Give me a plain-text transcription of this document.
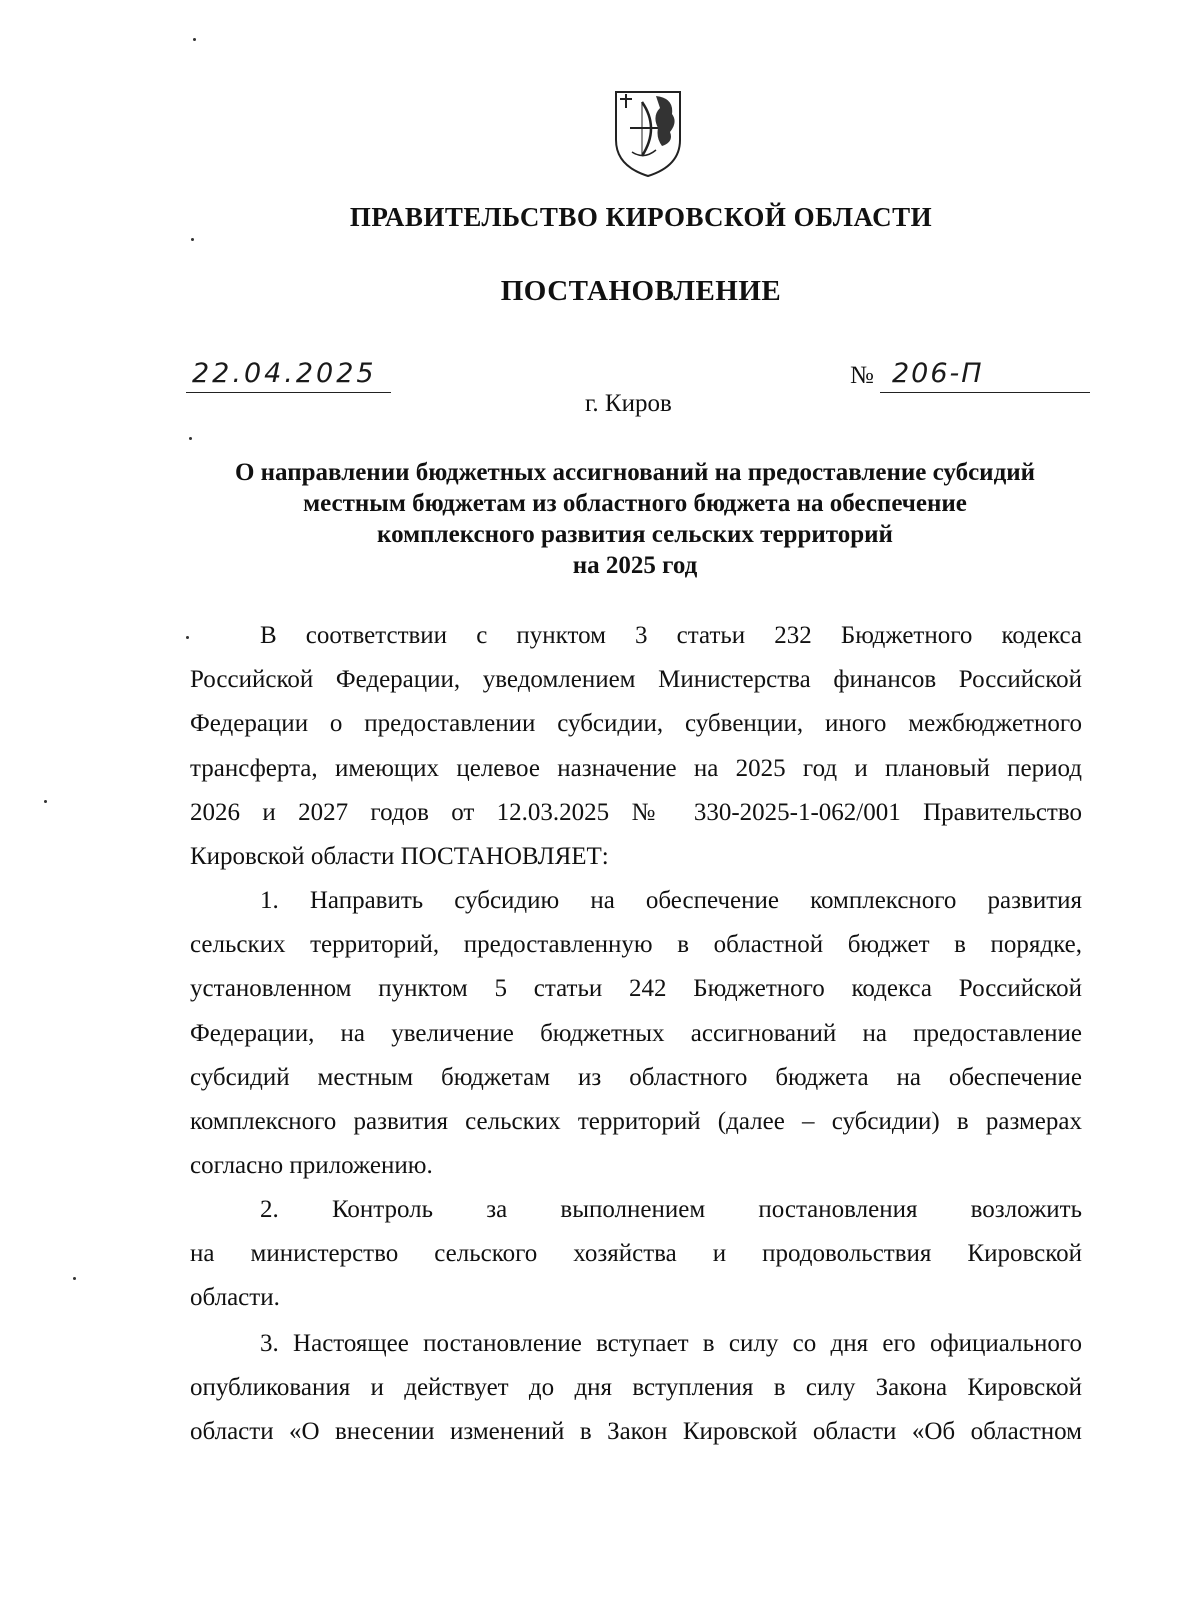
ПРАВИТЕЛЬСТВО КИРОВСКОЙ ОБЛАСТИ
ПОСТАНОВЛЕНИЕ
22.04.2025	№ 206-П
г. Киров
О направлении бюджетных ассигнований на предоставление субсидий
местным бюджетам из областного бюджета на обеспечение
комплексного развития сельских территорий
на 2025 год
В соответствии с пунктом 3 статьи 232 Бюджетного кодекса
Российской Федерации, уведомлением Министерства финансов Российской
Федерации о предоставлении субсидии, субвенции, иного межбюджетного
трансферта, имеющих целевое назначение на 2025 год и плановый период
2026 и 2027 годов от 12.03.2025 № 330-2025-1-062/001 Правительство
Кировской области ПОСТАНОВЛЯЕТ:
1. Направить субсидию на обеспечение комплексного развития
сельских территорий, предоставленную в областной бюджет в порядке,
установленном пунктом 5 статьи 242 Бюджетного кодекса Российской
Федерации, на увеличение бюджетных ассигнований на предоставление
субсидий местным бюджетам из областного бюджета на обеспечение
комплексного развития сельских территорий (далее – субсидии) в размерах
согласно приложению.
2. Контроль за выполнением постановления возложить
на министерство сельского хозяйства и продовольствия Кировской
области.
3. Настоящее постановление вступает в силу со дня его официального
опубликования и действует до дня вступления в силу Закона Кировской
области «О внесении изменений в Закон Кировской области «Об областном
